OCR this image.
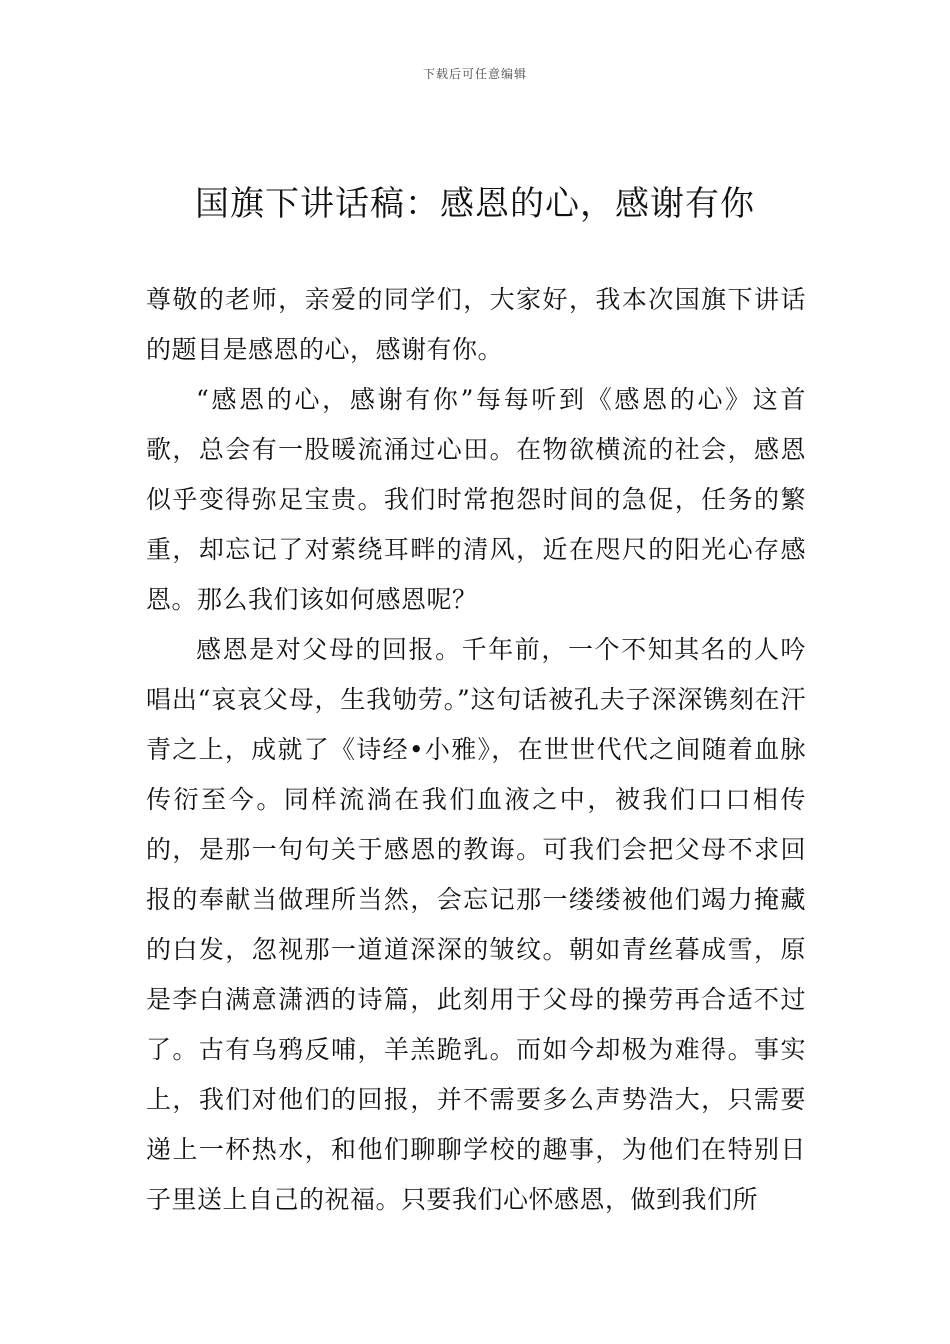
下载后可任意编辑
国旗下讲话稿：感恩的心，感谢有你

尊敬的老师，亲爱的同学们，大家好，我本次国旗下讲话的题目是感恩的心，感谢有你。

“感恩的心，感谢有你”每每听到《感恩的心》这首歌，总会有一股暖流涌过心田。在物欲横流的社会，感恩似乎变得弥足宝贵。我们时常抱怨时间的急促，任务的繁重，却忘记了对萦绕耳畔的清风，近在咫尺的阳光心存感恩。那么我们该如何感恩呢？

感恩是对父母的回报。千年前，一个不知其名的人吟唱出“哀哀父母，生我劬劳。”这句话被孔夫子深深镌刻在汗青之上，成就了《诗经•小雅》，在世世代代之间随着血脉传衍至今。同样流淌在我们血液之中，被我们口口相传的，是那一句句关于感恩的教诲。可我们会把父母不求回报的奉献当做理所当然，会忘记那一缕缕被他们竭力掩藏的白发，忽视那一道道深深的皱纹。朝如青丝暮成雪，原是李白满意潇洒的诗篇，此刻用于父母的操劳再合适不过了。古有乌鸦反哺，羊羔跪乳。而如今却极为难得。事实上，我们对他们的回报，并不需要多么声势浩大，只需要递上一杯热水，和他们聊聊学校的趣事，为他们在特别日子里送上自己的祝福。只要我们心怀感恩，做到我们所
